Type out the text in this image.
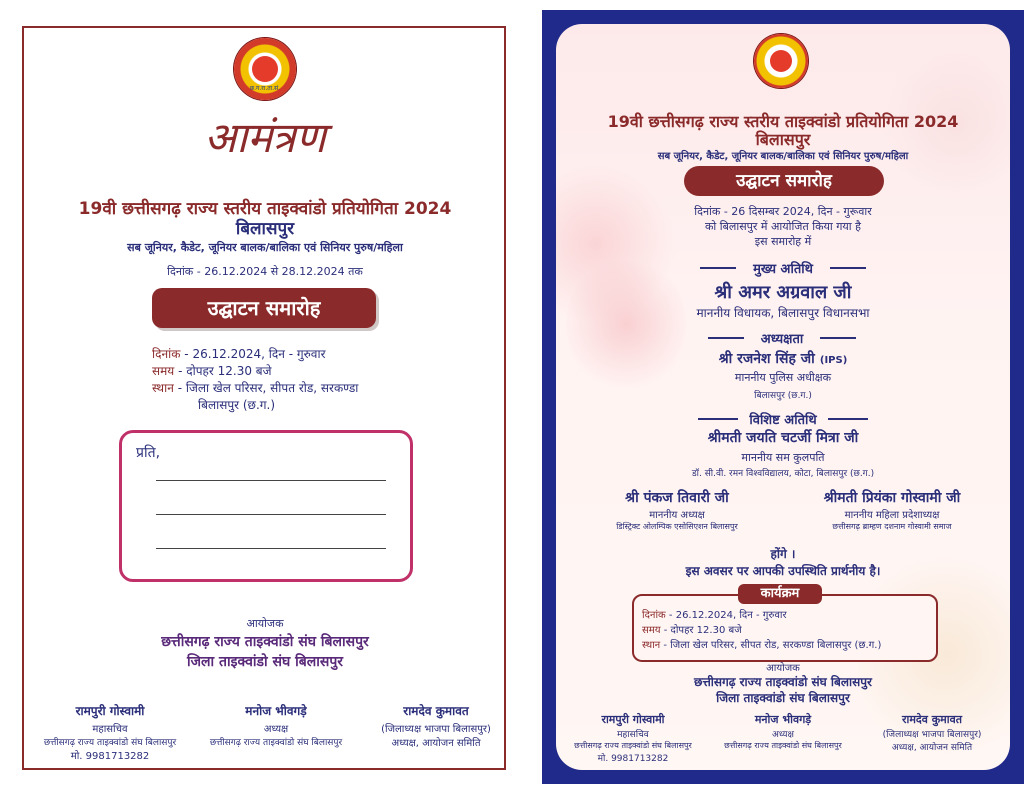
छ.ग.रा.ता.सं.
आमंत्रण
19वी छत्तीसगढ़ राज्य स्तरीय ताइक्वांडो प्रतियोगिता 2024
बिलासपुर
सब जूनियर, कैडेट, जूनियर बालक/बालिका एवं सिनियर पुरुष/महिला
दिनांक - 26.12.2024 से 28.12.2024 तक
उद्घाटन समारोह
दिनांक - 26.12.2024, दिन - गुरुवार
समय - दोपहर 12.30 बजे
स्थान - जिला खेल परिसर, सीपत रोड, सरकण्डा
बिलासपुर (छ.ग.)
प्रति,
आयोजक
छत्तीसगढ़ राज्य ताइक्वांडो संघ बिलासपुर
जिला ताइक्वांडो संघ बिलासपुर
रामपुरी गोस्वामी
महासचिव
छत्तीसगढ़ राज्य ताइक्वांडो संघ बिलासपुर
मो. 9981713282
मनोज भीवगड़े
अध्यक्ष
छत्तीसगढ़ राज्य ताइक्वांडो संघ बिलासपुर
रामदेव कुमावत
(जिलाध्यक्ष भाजपा बिलासपुर)
अध्यक्ष, आयोजन समिति
19वी छत्तीसगढ़ राज्य स्तरीय ताइक्वांडो प्रतियोगिता 2024
बिलासपुर
सब जूनियर, कैडेट, जूनियर बालक/बालिका एवं सिनियर पुरुष/महिला
उद्घाटन समारोह
दिनांक - 26 दिसम्बर 2024, दिन - गुरूवार
को बिलासपुर में आयोजित किया गया है
इस समारोह में
मुख्य अतिथि
श्री अमर अग्रवाल जी
माननीय विधायक, बिलासपुर विधानसभा
अध्यक्षता
श्री रजनेश सिंह जी (IPS)
माननीय पुलिस अधीक्षक
बिलासपुर (छ.ग.)
विशिष्ट अतिथि
श्रीमती जयति चटर्जी मित्रा जी
माननीय सम कुलपति
डॉ. सी.वी. रमन विश्वविद्यालय, कोटा, बिलासपुर (छ.ग.)
श्री पंकज तिवारी जी
माननीय अध्यक्ष
डिस्ट्रिक्ट ओलम्पिक एसोसिएशन बिलासपुर
श्रीमती प्रियंका गोस्वामी जी
माननीय महिला प्रदेशाध्यक्ष
छत्तीसगढ़ ब्राम्हण दशनाम गोस्वामी समाज
होंगे ।
इस अवसर पर आपकी उपस्थिति प्रार्थनीय है।
दिनांक - 26.12.2024, दिन - गुरुवार
समय - दोपहर 12.30 बजे
स्थान - जिला खेल परिसर, सीपत रोड, सरकण्डा बिलासपुर (छ.ग.)
कार्यक्रम
आयोजक
छत्तीसगढ़ राज्य ताइक्वांडो संघ बिलासपुर
जिला ताइक्वांडो संघ बिलासपुर
रामपुरी गोस्वामी
महासचिव
छत्तीसगढ़ राज्य ताइक्वांडो संघ बिलासपुर
मो. 9981713282
मनोज भीवगड़े
अध्यक्ष
छत्तीसगढ़ राज्य ताइक्वांडो संघ बिलासपुर
रामदेव कुमावत
(जिलाध्यक्ष भाजपा बिलासपुर)
अध्यक्ष, आयोजन समिति
